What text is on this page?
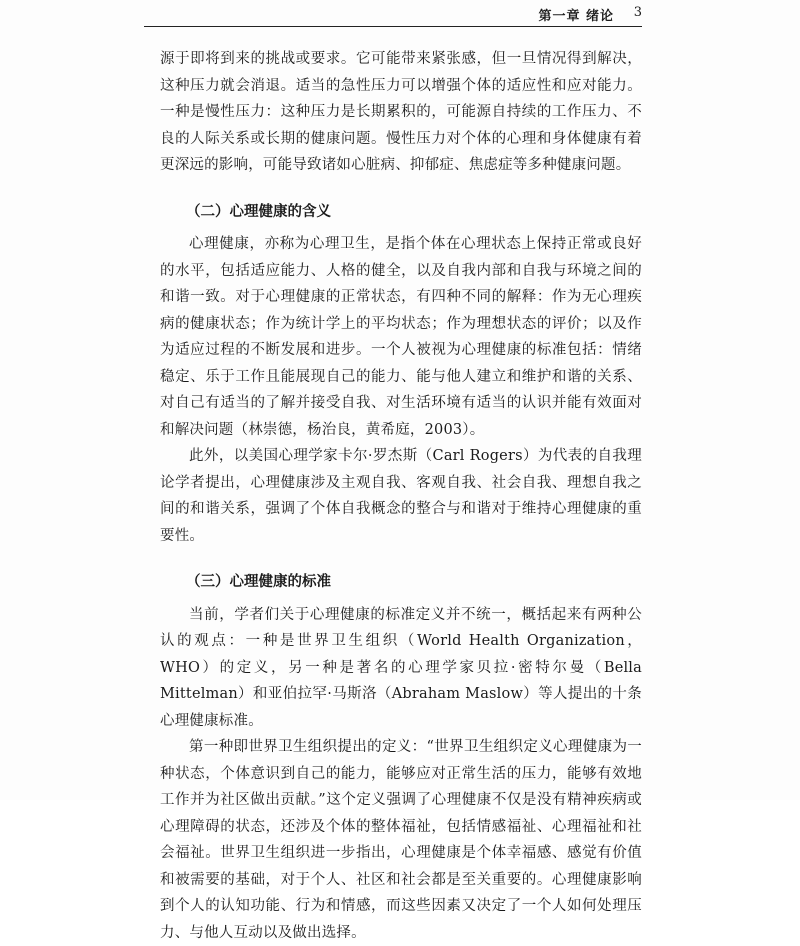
第一章 绪论 3

源于即将到来的挑战或要求。它可能带来紧张感，但一旦情况得到解决，这种压力就会消退。适当的急性压力可以增强个体的适应性和应对能力。一种是慢性压力：这种压力是长期累积的，可能源自持续的工作压力、不良的人际关系或长期的健康问题。慢性压力对个体的心理和身体健康有着更深远的影响，可能导致诸如心脏病、抑郁症、焦虑症等多种健康问题。

（二）心理健康的含义

心理健康，亦称为心理卫生，是指个体在心理状态上保持正常或良好的水平，包括适应能力、人格的健全，以及自我内部和自我与环境之间的和谐一致。对于心理健康的正常状态，有四种不同的解释：作为无心理疾病的健康状态；作为统计学上的平均状态；作为理想状态的评价；以及作为适应过程的不断发展和进步。一个人被视为心理健康的标准包括：情绪稳定、乐于工作且能展现自己的能力、能与他人建立和维护和谐的关系、对自己有适当的了解并接受自我、对生活环境有适当的认识并能有效面对和解决问题（林崇德，杨治良，黄希庭，2003）。

此外，以美国心理学家卡尔·罗杰斯（Carl Rogers）为代表的自我理论学者提出，心理健康涉及主观自我、客观自我、社会自我、理想自我之间的和谐关系，强调了个体自我概念的整合与和谐对于维持心理健康的重要性。

（三）心理健康的标准

当前，学者们关于心理健康的标准定义并不统一，概括起来有两种公认的观点：一种是世界卫生组织（World Health Organization，WHO）的定义，另一种是著名的心理学家贝拉·密特尔曼（Bella Mittelman）和亚伯拉罕·马斯洛（Abraham Maslow）等人提出的十条心理健康标准。

第一种即世界卫生组织提出的定义：“世界卫生组织定义心理健康为一种状态，个体意识到自己的能力，能够应对正常生活的压力，能够有效地工作并为社区做出贡献。”这个定义强调了心理健康不仅是没有精神疾病或心理障碍的状态，还涉及个体的整体福祉，包括情感福祉、心理福祉和社会福祉。世界卫生组织进一步指出，心理健康是个体幸福感、感觉有价值和被需要的基础，对于个人、社区和社会都是至关重要的。心理健康影响到个人的认知功能、行为和情感，而这些因素又决定了一个人如何处理压力、与他人互动以及做出选择。
